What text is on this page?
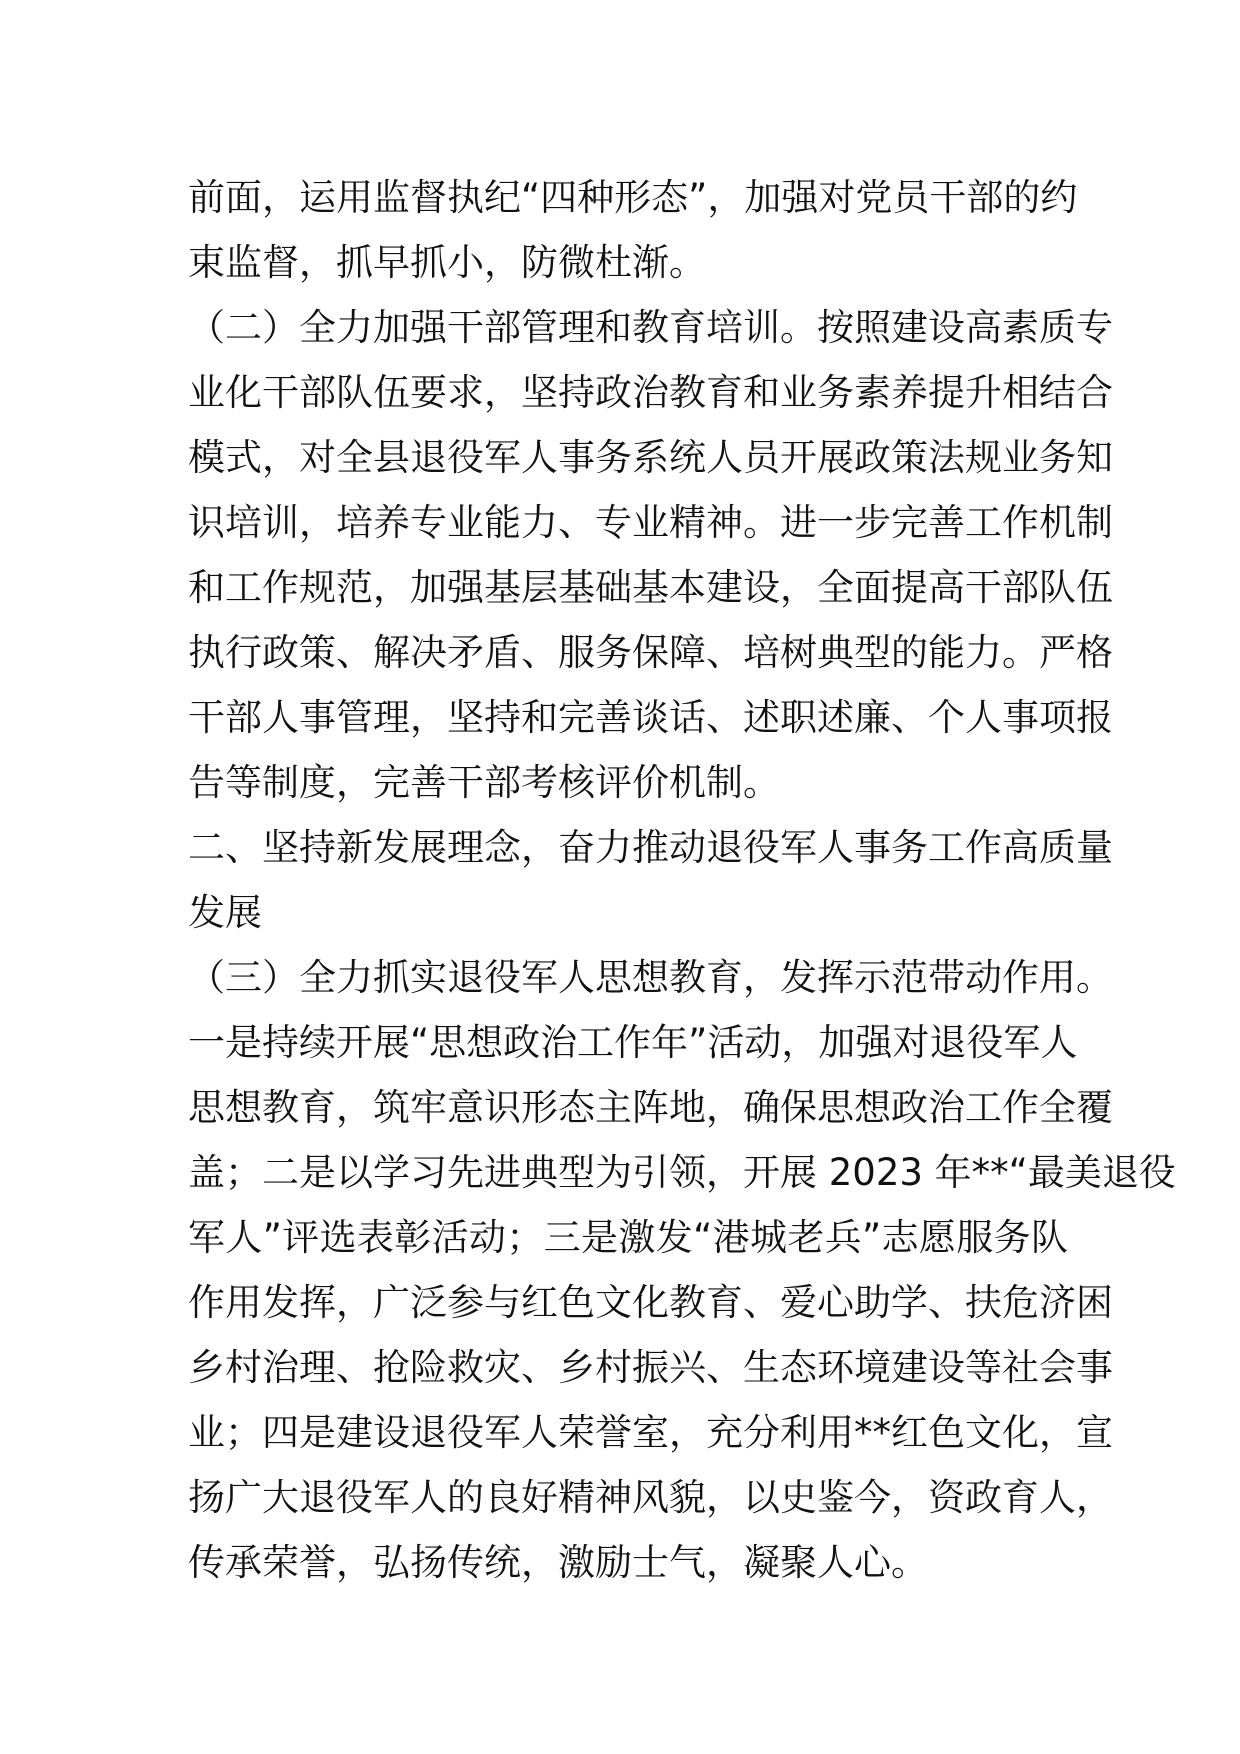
前面，运用监督执纪“四种形态”，加强对党员干部的约
束监督，抓早抓小，防微杜渐。
（二）全力加强干部管理和教育培训。按照建设高素质专
业化干部队伍要求，坚持政治教育和业务素养提升相结合
模式，对全县退役军人事务系统人员开展政策法规业务知
识培训，培养专业能力、专业精神。进一步完善工作机制
和工作规范，加强基层基础基本建设，全面提高干部队伍
执行政策、解决矛盾、服务保障、培树典型的能力。严格
干部人事管理，坚持和完善谈话、述职述廉、个人事项报
告等制度，完善干部考核评价机制。
二、坚持新发展理念，奋力推动退役军人事务工作高质量
发展
（三）全力抓实退役军人思想教育，发挥示范带动作用。
一是持续开展“思想政治工作年”活动，加强对退役军人
思想教育，筑牢意识形态主阵地，确保思想政治工作全覆
盖；二是以学习先进典型为引领，开展 2023 年**“最美退役
军人”评选表彰活动；三是激发“港城老兵”志愿服务队
作用发挥，广泛参与红色文化教育、爱心助学、扶危济困
乡村治理、抢险救灾、乡村振兴、生态环境建设等社会事
业；四是建设退役军人荣誉室，充分利用**红色文化，宣
扬广大退役军人的良好精神风貌，以史鉴今，资政育人，
传承荣誉，弘扬传统，激励士气，凝聚人心。
